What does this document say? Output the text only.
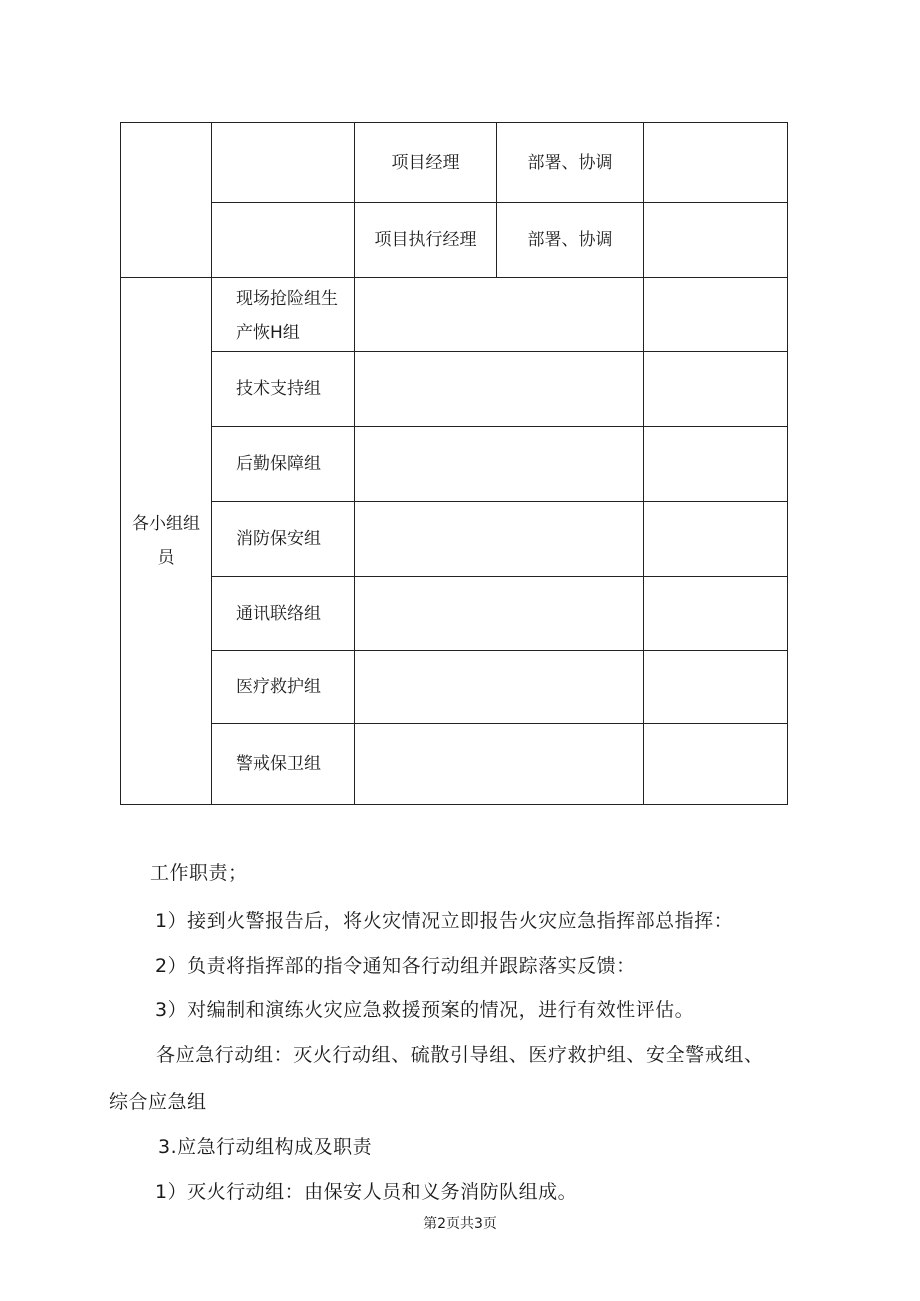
项目经理	部署、协调
项目执行经理	部署、协调
各小组组
员
现场抢险组生
产恢H组
技术支持组
后勤保障组
消防保安组
通讯联络组
医疗救护组
警戒保卫组
工作职责；
1）接到火警报告后，将火灾情况立即报告火灾应急指挥部总指挥：
2）负责将指挥部的指令通知各行动组并跟踪落实反馈：
3）对编制和演练火灾应急救援预案的情况，进行有效性评估。
各应急行动组：灭火行动组、硫散引导组、医疗救护组、安全警戒组、
综合应急组
3.应急行动组构成及职责
1）灭火行动组：由保安人员和义务消防队组成。
第2页共3页
